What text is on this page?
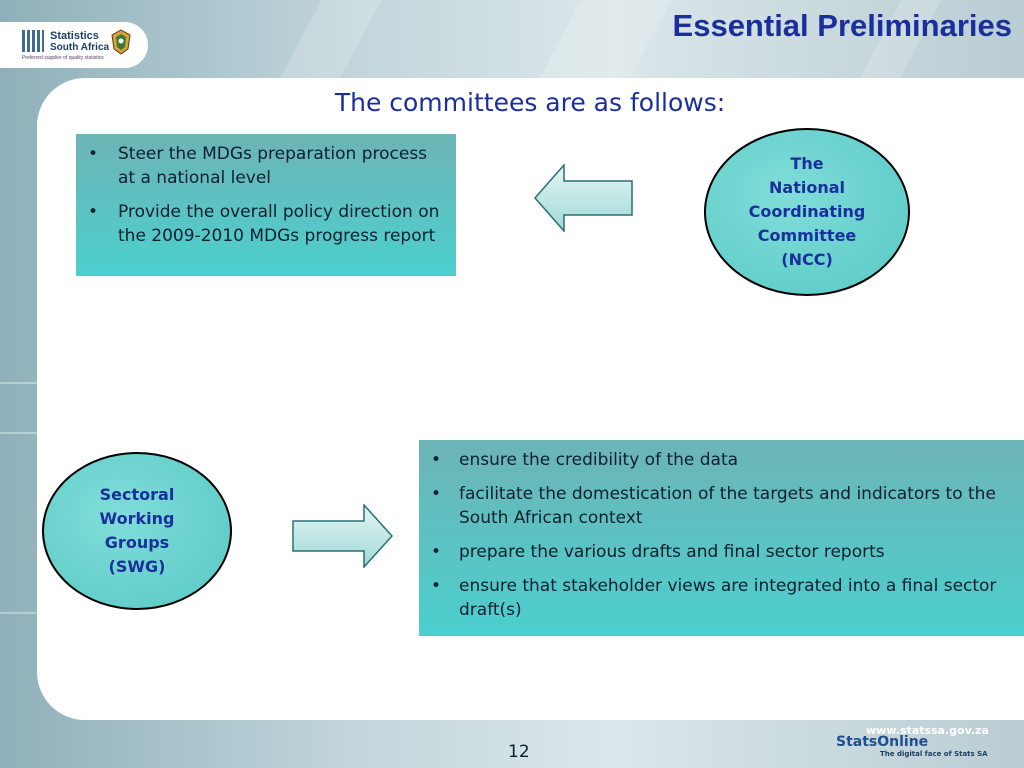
Statistics
South Africa
Preferred supplier of quality statistics
Essential Preliminaries
The committees are as follows:
• Steer the MDGs preparation process at a national level
• Provide the overall policy direction on the 2009-2010 MDGs progress report
The
National
Coordinating
Committee
(NCC)
Sectoral
Working
Groups
(SWG)
• ensure the credibility of the data
• facilitate the domestication of the targets and indicators to the South African context
• prepare the various drafts and final sector reports
• ensure that stakeholder views are integrated into a final sector draft(s)
www.statssa.gov.za
StatsOnline
The digital face of Stats SA
12
